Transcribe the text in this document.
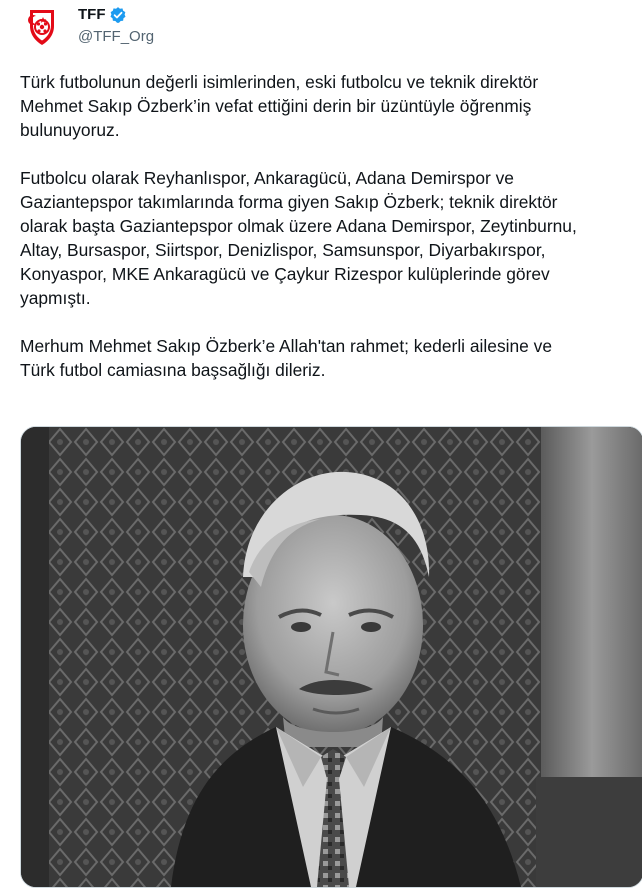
TFF
@TFF_Org

Türk futbolunun değerli isimlerinden, eski futbolcu ve teknik direktör
Mehmet Sakıp Özberk’in vefat ettiğini derin bir üzüntüyle öğrenmiş
bulunuyoruz.

Futbolcu olarak Reyhanlıspor, Ankaragücü, Adana Demirspor ve
Gaziantepspor takımlarında forma giyen Sakıp Özberk; teknik direktör
olarak başta Gaziantepspor olmak üzere Adana Demirspor, Zeytinburnu,
Altay, Bursaspor, Siirtspor, Denizlispor, Samsunspor, Diyarbakırspor,
Konyaspor, MKE Ankaragücü ve Çaykur Rizespor kulüplerinde görev
yapmıştı.

Merhum Mehmet Sakıp Özberk’e Allah'tan rahmet; kederli ailesine ve
Türk futbol camiasına başsağlığı dileriz.
